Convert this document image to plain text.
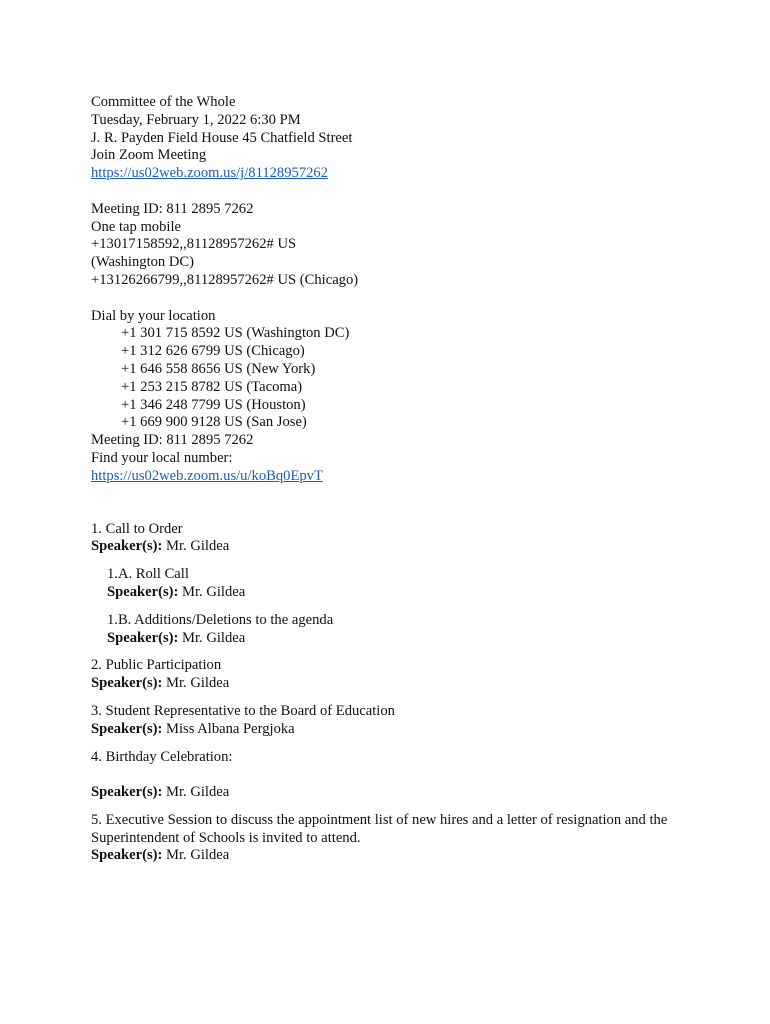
Committee of the Whole
Tuesday, February 1, 2022 6:30 PM
J. R. Payden Field House 45 Chatfield Street
Join Zoom Meeting
https://us02web.zoom.us/j/81128957262
Meeting ID: 811 2895 7262
One tap mobile
+13017158592,,81128957262# US
(Washington DC)
+13126266799,,81128957262# US (Chicago)
Dial by your location
+1 301 715 8592 US (Washington DC)
+1 312 626 6799 US (Chicago)
+1 646 558 8656 US (New York)
+1 253 215 8782 US (Tacoma)
+1 346 248 7799 US (Houston)
+1 669 900 9128 US (San Jose)
Meeting ID: 811 2895 7262
Find your local number:
https://us02web.zoom.us/u/koBq0EpvT
1. Call to Order
Speaker(s): Mr. Gildea
1.A. Roll Call
Speaker(s): Mr. Gildea
1.B. Additions/Deletions to the agenda
Speaker(s): Mr. Gildea
2. Public Participation
Speaker(s): Mr. Gildea
3. Student Representative to the Board of Education
Speaker(s): Miss Albana Pergjoka
4. Birthday Celebration:
Speaker(s): Mr. Gildea
5. Executive Session to discuss the appointment list of new hires and a letter of resignation and the Superintendent of Schools is invited to attend.
Speaker(s): Mr. Gildea
